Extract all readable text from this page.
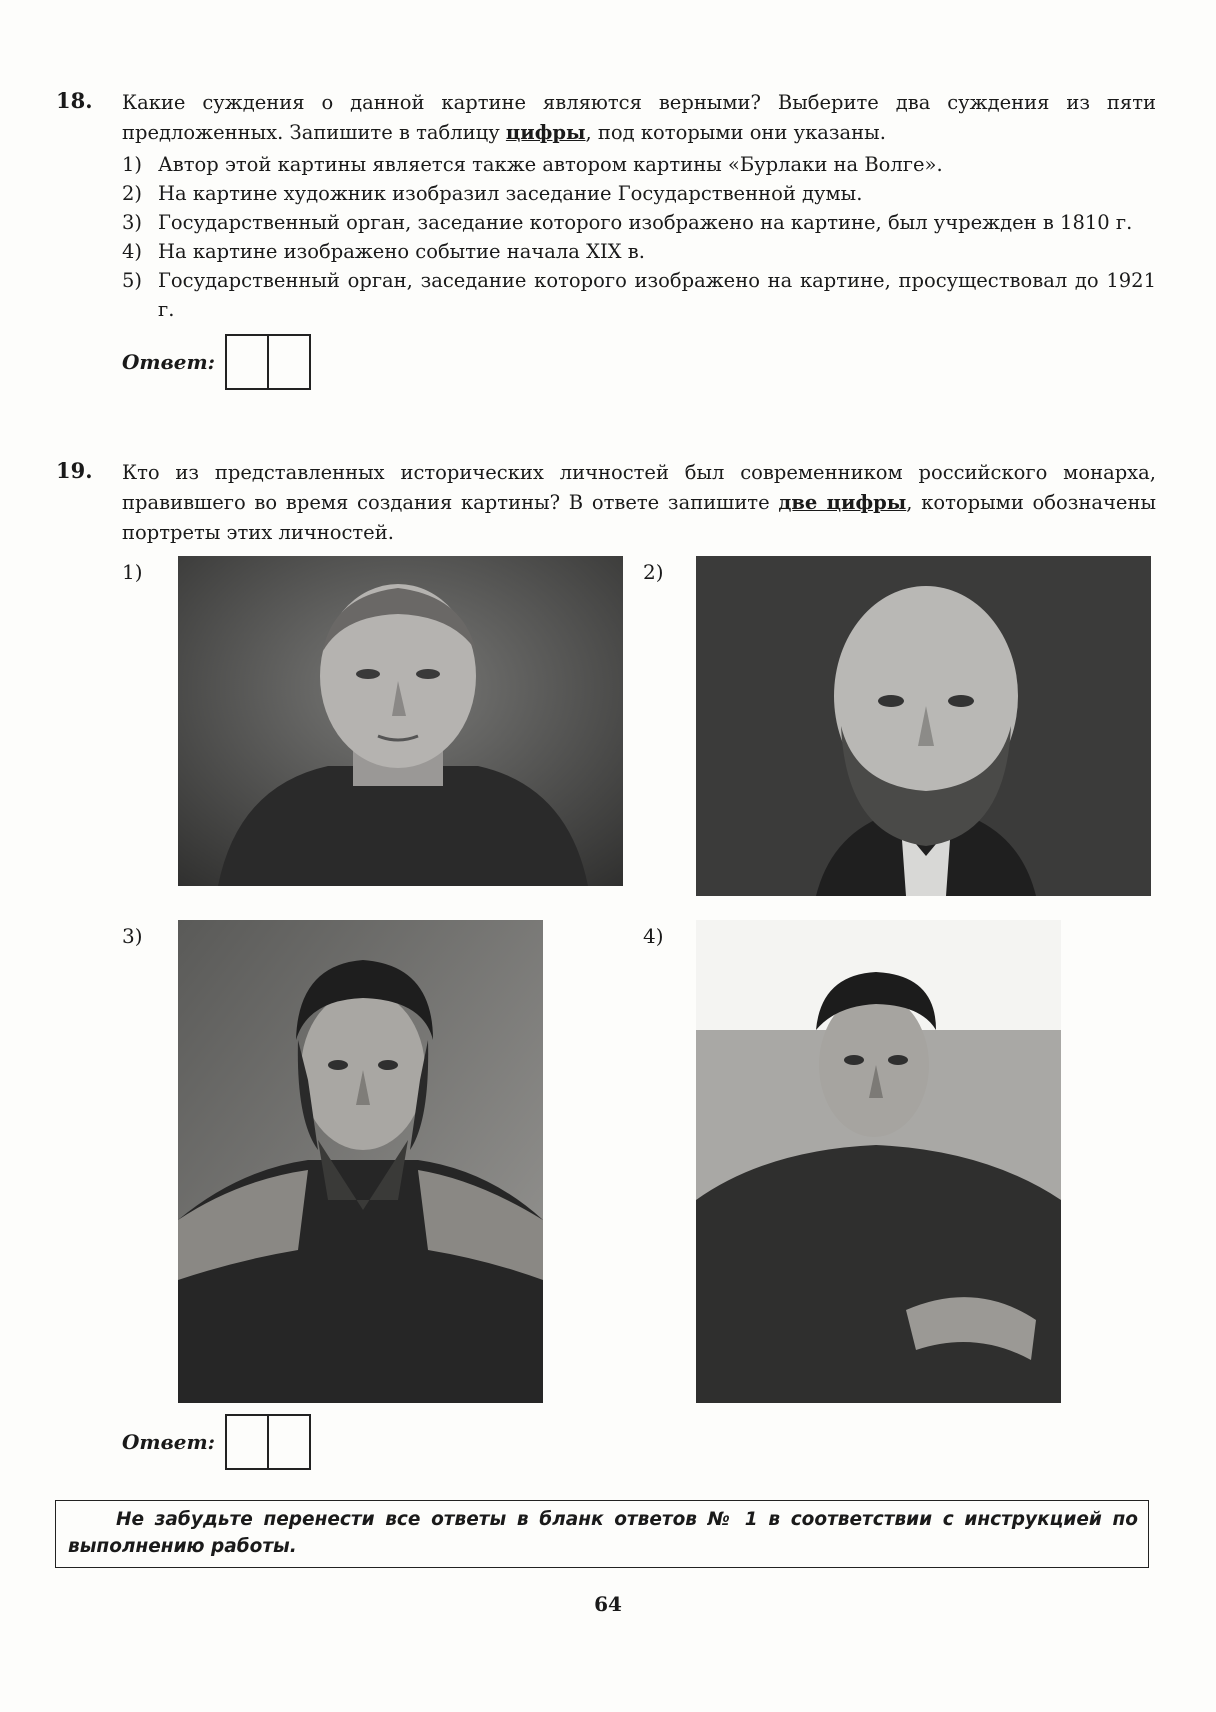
18. Какие суждения о данной картине являются верными? Выберите два суждения из пяти предложенных. Запишите в таблицу цифры, под которыми они указаны.
1) Автор этой картины является также автором картины «Бурлаки на Волге».
2) На картине художник изобразил заседание Государственной думы.
3) Государственный орган, заседание которого изображено на картине, был учрежден в 1810 г.
4) На картине изображено событие начала XIX в.
5) Государственный орган, заседание которого изображено на картине, просуществовал до 1921 г.
Ответ:
19. Кто из представленных исторических личностей был современником российского монарха, правившего во время создания картины? В ответе запишите две цифры, которыми обозначены портреты этих личностей.
1)	2)
3)	4)
Ответ:
Не забудьте перенести все ответы в бланк ответов № 1 в соответствии с инструкцией по выполнению работы.
64
